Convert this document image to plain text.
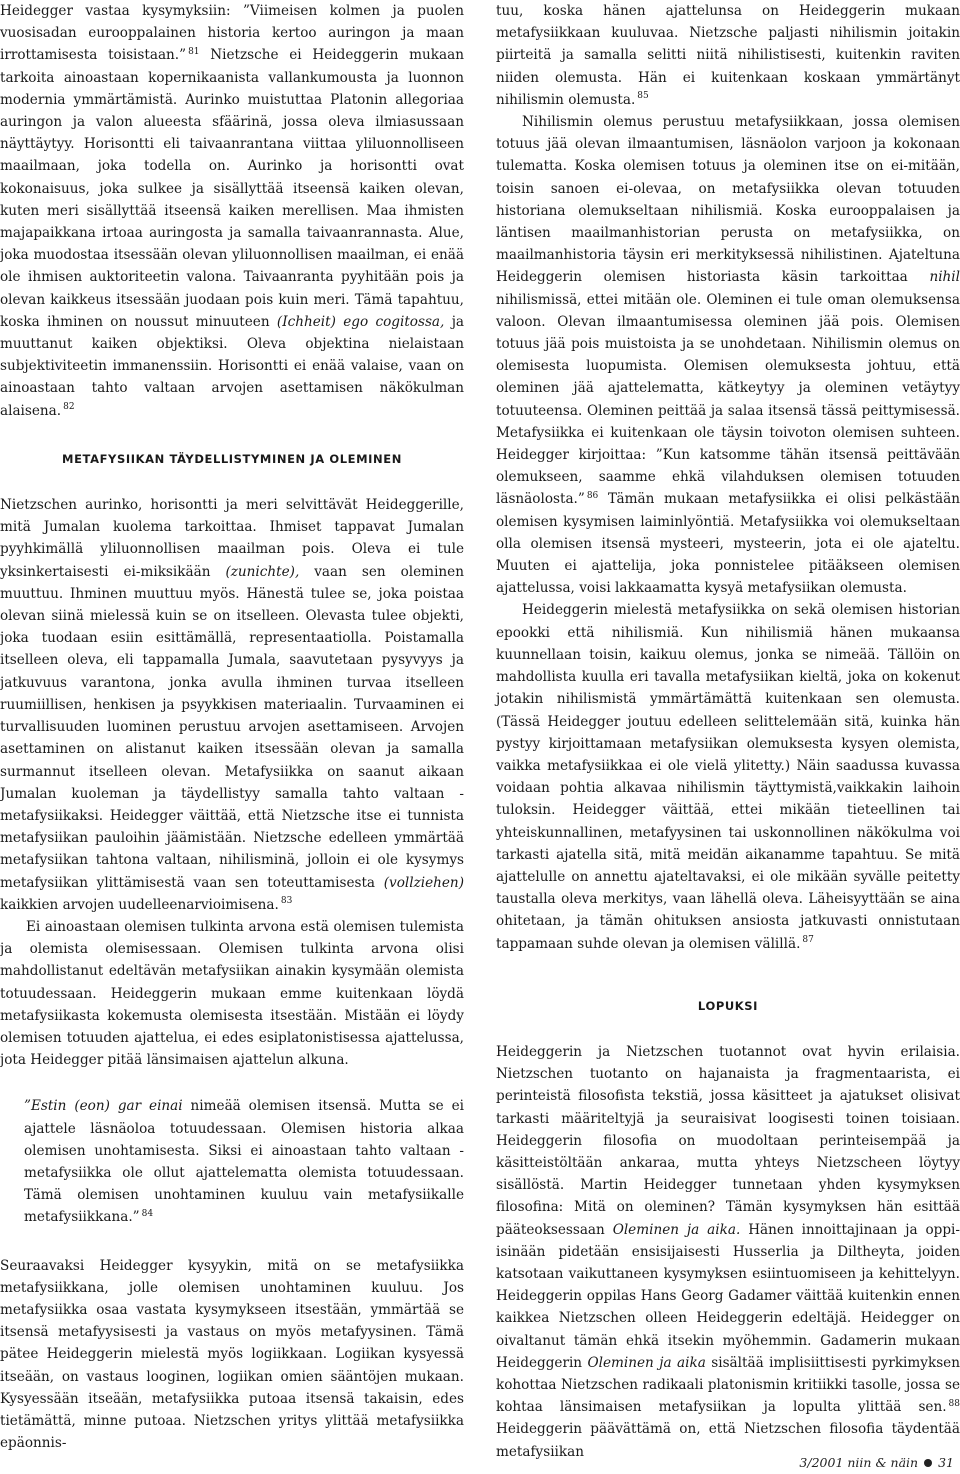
Heidegger vastaa kysymyksiin: ”Viimeisen kolmen ja puolen vuosisadan eurooppalainen historia kertoo auringon ja maan irrottamisesta toisistaan.” $^{81}$ Nietzsche ei Heideggerin mukaan tarkoita ainoastaan kopernikaanista vallankumousta ja luonnon modernia ymmärtämistä. Aurinko muistuttaa Platonin allegoriaa auringon ja valon alueesta sfäärinä, jossa oleva ilmiasussaan näyttäytyy. Horisontti eli taivaanrantana viittaa yliluonnolliseen maailmaan, joka todella on. Aurinko ja horisontti ovat kokonaisuus, joka sulkee ja sisällyttää itseensä kaiken olevan, kuten meri sisällyttää itseensä kaiken merellisen. Maa ihmisten majapaikkana irtoaa auringosta ja samalla taivaanrannasta. Alue, joka muodostaa itsessään olevan yliluonnollisen maailman, ei enää ole ihmisen auktoriteetin valona. Taivaanranta pyyhitään pois ja olevan kaikkeus itsessään juodaan pois kuin meri. Tämä tapahtuu, koska ihminen on noussut minuuteen (Ichheit) ego cogitossa, ja muuttanut kaiken objektiksi. Oleva objektina nielaistaan subjektiviteetin immanenssiin. Horisontti ei enää valaise, vaan on ainoastaan tahto valtaan arvojen asettamisen näkökulman alaisena. $^{82}$

METAFYSIIKAN TÄYDELLISTYMINEN JA OLEMINEN

Nietzschen aurinko, horisontti ja meri selvittävät Heideggerille, mitä Jumalan kuolema tarkoittaa. Ihmiset tappavat Jumalan pyyhkimällä yliluonnollisen maailman pois. Oleva ei tule yksinkertaisesti ei-miksikään (zunichte), vaan sen oleminen muuttuu. Ihminen muuttuu myös. Hänestä tulee se, joka poistaa olevan siinä mielessä kuin se on itselleen. Olevasta tulee objekti, joka tuodaan esiin esittämällä, representaatiolla. Poistamalla itselleen oleva, eli tappamalla Jumala, saavutetaan pysyvyys ja jatkuvuus varantona, jonka avulla ihminen turvaa itselleen ruumiillisen, henkisen ja psyykkisen materiaalin. Turvaaminen ei turvallisuuden luominen perustuu arvojen asettamiseen. Arvojen asettaminen on alistanut kaiken itsessään olevan ja samalla surmannut itselleen olevan. Metafysiikka on saanut aikaan Jumalan kuoleman ja täydellistyy samalla tahto valtaan -metafysiikaksi. Heidegger väittää, että Nietzsche itse ei tunnista metafysiikan pauloihin jäämistään. Nietzsche edelleen ymmärtää metafysiikan tahtona valtaan, nihilisminä, jolloin ei ole kysymys metafysiikan ylittämisestä vaan sen toteuttamisesta (vollziehen) kaikkien arvojen uudelleenarvioimisena. $^{83}$

Ei ainoastaan olemisen tulkinta arvona estä olemisen tulemista ja olemista olemisessaan. Olemisen tulkinta arvona olisi mahdollistanut edeltävän metafysiikan ainakin kysymään olemista totuudessaan. Heideggerin mukaan emme kuitenkaan löydä metafysiikasta kokemusta olemisesta itsestään. Mistään ei löydy olemisen totuuden ajattelua, ei edes esiplatonistisessa ajattelussa, jota Heidegger pitää länsimaisen ajattelun alkuna.

”Estin (eon) gar einai nimeää olemisen itsensä. Mutta se ei ajattele läsnäoloa totuudessaan. Olemisen historia alkaa olemisen unohtamisesta. Siksi ei ainoastaan tahto valtaan -metafysiikka ole ollut ajattelematta olemista totuudessaan. Tämä olemisen unohtaminen kuuluu vain metafysiikalle metafysiikkana.” $^{84}$

Seuraavaksi Heidegger kysyykin, mitä on se metafysiikka metafysiikkana, jolle olemisen unohtaminen kuuluu. Jos metafysiikka osaa vastata kysymykseen itsestään, ymmärtää se itsensä metafyysisesti ja vastaus on myös metafyysinen. Tämä pätee Heideggerin mielestä myös logiikkaan. Logiikan kysyessä itseään, on vastaus looginen, logiikan omien sääntöjen mukaan. Kysyessään itseään, metafysiikka putoaa itsensä takaisin, edes tietämättä, minne putoaa. Nietzschen yritys ylittää metafysiikka epäonnis-

tuu, koska hänen ajattelunsa on Heideggerin mukaan metafysiikkaan kuuluvaa. Nietzsche paljasti nihilismin joitakin piirteitä ja samalla selitti niitä nihilistisesti, kuitenkin raviten niiden olemusta. Hän ei kuitenkaan koskaan ymmärtänyt nihilismin olemusta. $^{85}$

Nihilismin olemus perustuu metafysiikkaan, jossa olemisen totuus jää olevan ilmaantumisen, läsnäolon varjoon ja kokonaan tulematta. Koska olemisen totuus ja oleminen itse on ei-mitään, toisin sanoen ei-olevaa, on metafysiikka olevan totuuden historiana olemukseltaan nihilismiä. Koska eurooppalaisen ja läntisen maailmanhistorian perusta on metafysiikka, on maailmanhistoria täysin eri merkityksessä nihilistinen. Ajateltuna Heideggerin olemisen historiasta käsin tarkoittaa nihil nihilismissä, ettei mitään ole. Oleminen ei tule oman olemuksensa valoon. Olevan ilmaantumisessa oleminen jää pois. Olemisen totuus jää pois muistoista ja se unohdetaan. Nihilismin olemus on olemisesta luopumista. Olemisen olemuksesta johtuu, että oleminen jää ajattelematta, kätkeytyy ja oleminen vetäytyy totuuteensa. Oleminen peittää ja salaa itsensä tässä peittymisessä. Metafysiikka ei kuitenkaan ole täysin toivoton olemisen suhteen. Heidegger kirjoittaa: ”Kun katsomme tähän itsensä peittävään olemukseen, saamme ehkä vilahduksen olemisen totuuden läsnäolosta.” $^{86}$ Tämän mukaan metafysiikka ei olisi pelkästään olemisen kysymisen laiminlyöntiä. Metafysiikka voi olemukseltaan olla olemisen itsensä mysteeri, mysteerin, jota ei ole ajateltu. Muuten ei ajattelija, joka ponnistelee pitääkseen olemisen ajattelussa, voisi lakkaamatta kysyä metafysiikan olemusta.

Heideggerin mielestä metafysiikka on sekä olemisen historian epookki että nihilismiä. Kun nihilismiä hänen mukaansa kuunnellaan toisin, kaikuu olemus, jonka se nimeää. Tällöin on mahdollista kuulla eri tavalla metafysiikan kieltä, joka on kokenut jotakin nihilismistä ymmärtämättä kuitenkaan sen olemusta. (Tässä Heidegger joutuu edelleen selittelemään sitä, kuinka hän pystyy kirjoittamaan metafysiikan olemuksesta kysyen olemista, vaikka metafysiikkaa ei ole vielä ylitetty.) Näin saadussa kuvassa voidaan pohtia alkavaa nihilismin täyttymistä,vaikkakin laihoin tuloksin. Heidegger väittää, ettei mikään tieteellinen tai yhteiskunnallinen, metafyysinen tai uskonnollinen näkökulma voi tarkasti ajatella sitä, mitä meidän aikanamme tapahtuu. Se mitä ajattelulle on annettu ajateltavaksi, ei ole mikään syvälle peitetty taustalla oleva merkitys, vaan lähellä oleva. Läheisyyttään se aina ohitetaan, ja tämän ohituksen ansiosta jatkuvasti onnistutaan tappamaan suhde olevan ja olemisen välillä. $^{87}$

LOPUKSI

Heideggerin ja Nietzschen tuotannot ovat hyvin erilaisia. Nietzschen tuotanto on hajanaista ja fragmentaarista, ei perinteistä filosofista tekstiä, jossa käsitteet ja ajatukset olisivat tarkasti määriteltyjä ja seuraisivat loogisesti toinen toisiaan. Heideggerin filosofia on muodoltaan perinteisempää ja käsitteistöltään ankaraa, mutta yhteys Nietzscheen löytyy sisällöstä. Martin Heidegger tunnetaan yhden kysymyksen filosofina: Mitä on oleminen? Tämän kysymyksen hän esittää pääteoksessaan Oleminen ja aika. Hänen innoittajinaan ja oppi-isinään pidetään ensisijaisesti Husserlia ja Diltheyta, joiden katsotaan vaikuttaneen kysymyksen esiintuomiseen ja kehittelyyn. Heideggerin oppilas Hans Georg Gadamer väittää kuitenkin ennen kaikkea Nietzschen olleen Heideggerin edeltäjä. Heidegger on oivaltanut tämän ehkä itsekin myöhemmin. Gadamerin mukaan Heideggerin Oleminen ja aika sisältää implisiittisesti pyrkimyksen kohottaa Nietzschen radikaali platonismin kritiikki tasolle, jossa se kohtaa länsimaisen metafysiikan ja lopulta ylittää sen. $^{88}$ Heideggerin päävättämä on, että Nietzschen filosofia täydentää metafysiikan

3/2001 niin & näin 31
